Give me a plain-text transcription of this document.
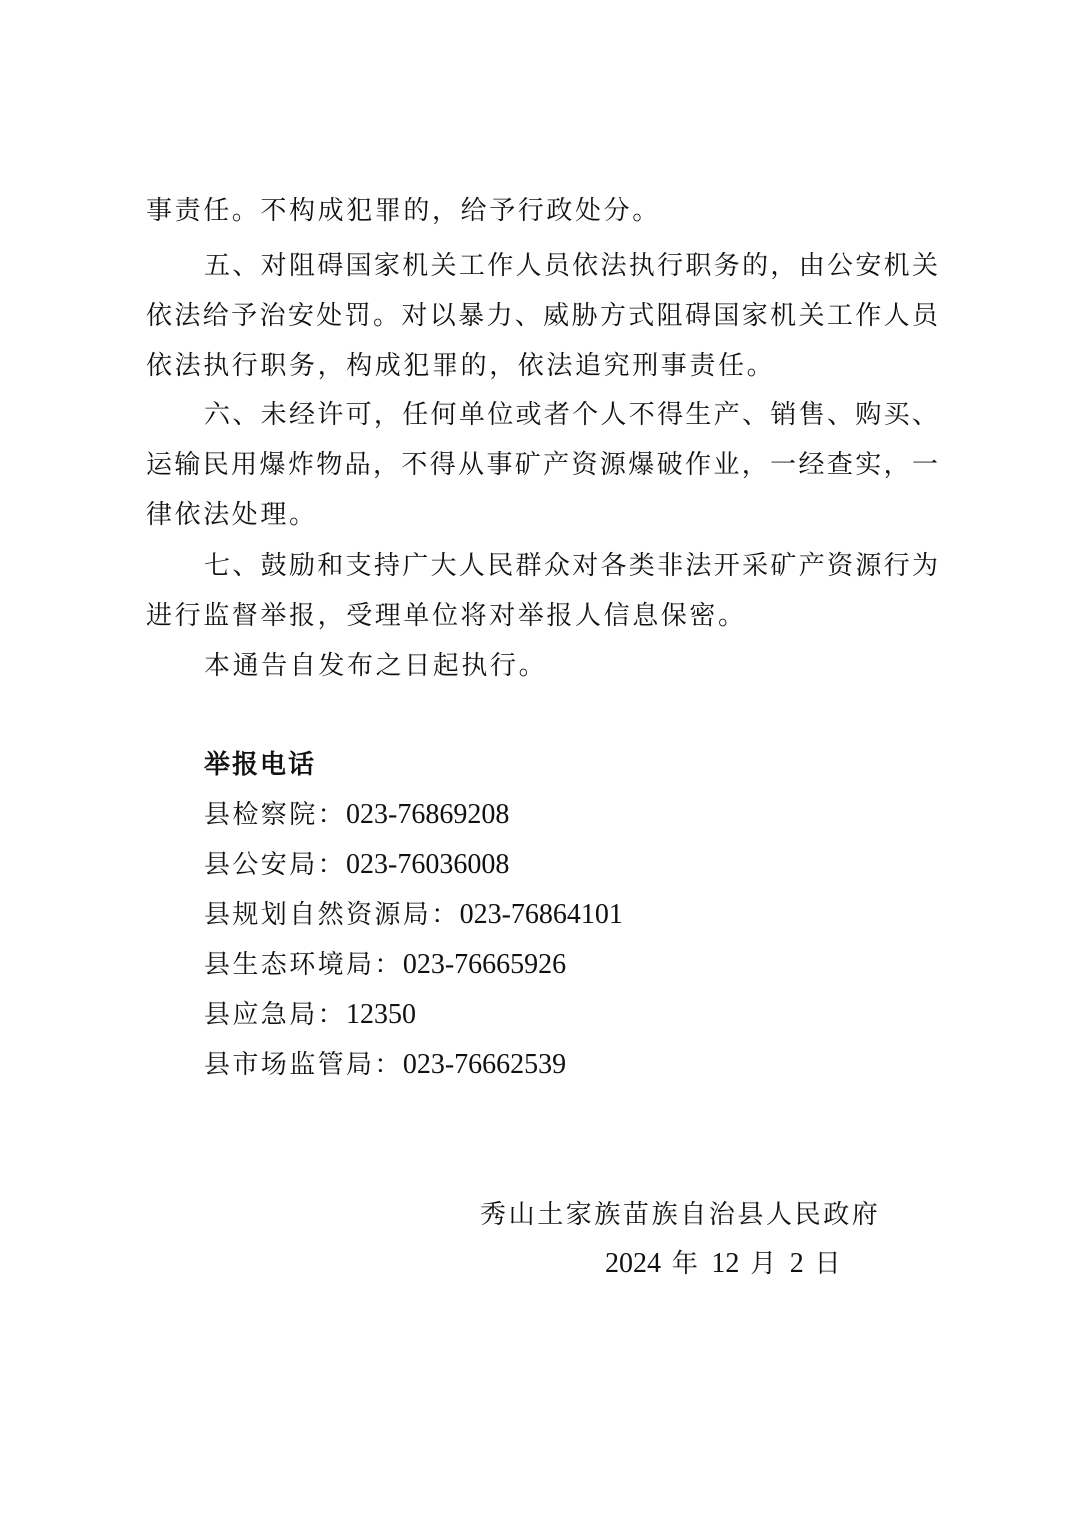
事责任。不构成犯罪的，给予行政处分。
五、对阻碍国家机关工作人员依法执行职务的，由公安机关
依法给予治安处罚。对以暴力、威胁方式阻碍国家机关工作人员
依法执行职务，构成犯罪的，依法追究刑事责任。
六、未经许可，任何单位或者个人不得生产、销售、购买、
运输民用爆炸物品，不得从事矿产资源爆破作业，一经查实，一
律依法处理。
七、鼓励和支持广大人民群众对各类非法开采矿产资源行为
进行监督举报，受理单位将对举报人信息保密。
本通告自发布之日起执行。
举报电话
县检察院：023-76869208
县公安局：023-76036008
县规划自然资源局：023-76864101
县生态环境局：023-76665926
县应急局：12350
县市场监管局：023-76662539
秀山土家族苗族自治县人民政府
2024 年 12 月 2 日
